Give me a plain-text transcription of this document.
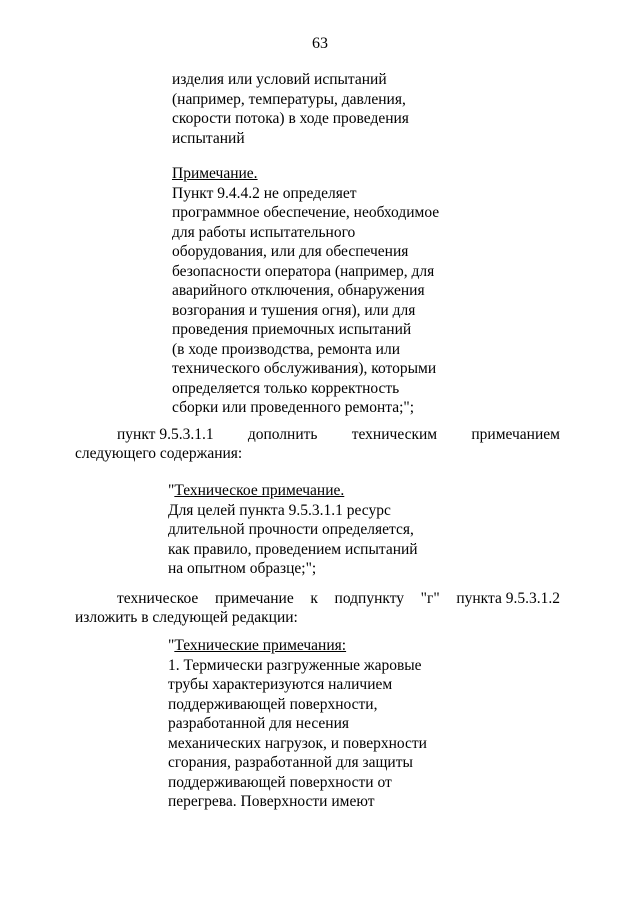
63
изделия или условий испытаний
(например, температуры, давления,
скорости потока) в ходе проведения
испытаний
Примечание.
Пункт 9.4.4.2 не определяет
программное обеспечение, необходимое
для работы испытательного
оборудования, или для обеспечения
безопасности оператора (например, для
аварийного отключения, обнаружения
возгорания и тушения огня), или для
проведения приемочных испытаний
(в ходе производства, ремонта или
технического обслуживания), которыми
определяется только корректность
сборки или проведенного ремонта;";
пункт 9.5.3.1.1 дополнить техническим примечанием
следующего содержания:
"Техническое примечание.
Для целей пункта 9.5.3.1.1 ресурс
длительной прочности определяется,
как правило, проведением испытаний
на опытном образце;";
техническое примечание к подпункту "г" пункта 9.5.3.1.2
изложить в следующей редакции:
"Технические примечания:
1. Термически разгруженные жаровые
трубы характеризуются наличием
поддерживающей поверхности,
разработанной для несения
механических нагрузок, и поверхности
сгорания, разработанной для защиты
поддерживающей поверхности от
перегрева. Поверхности имеют
